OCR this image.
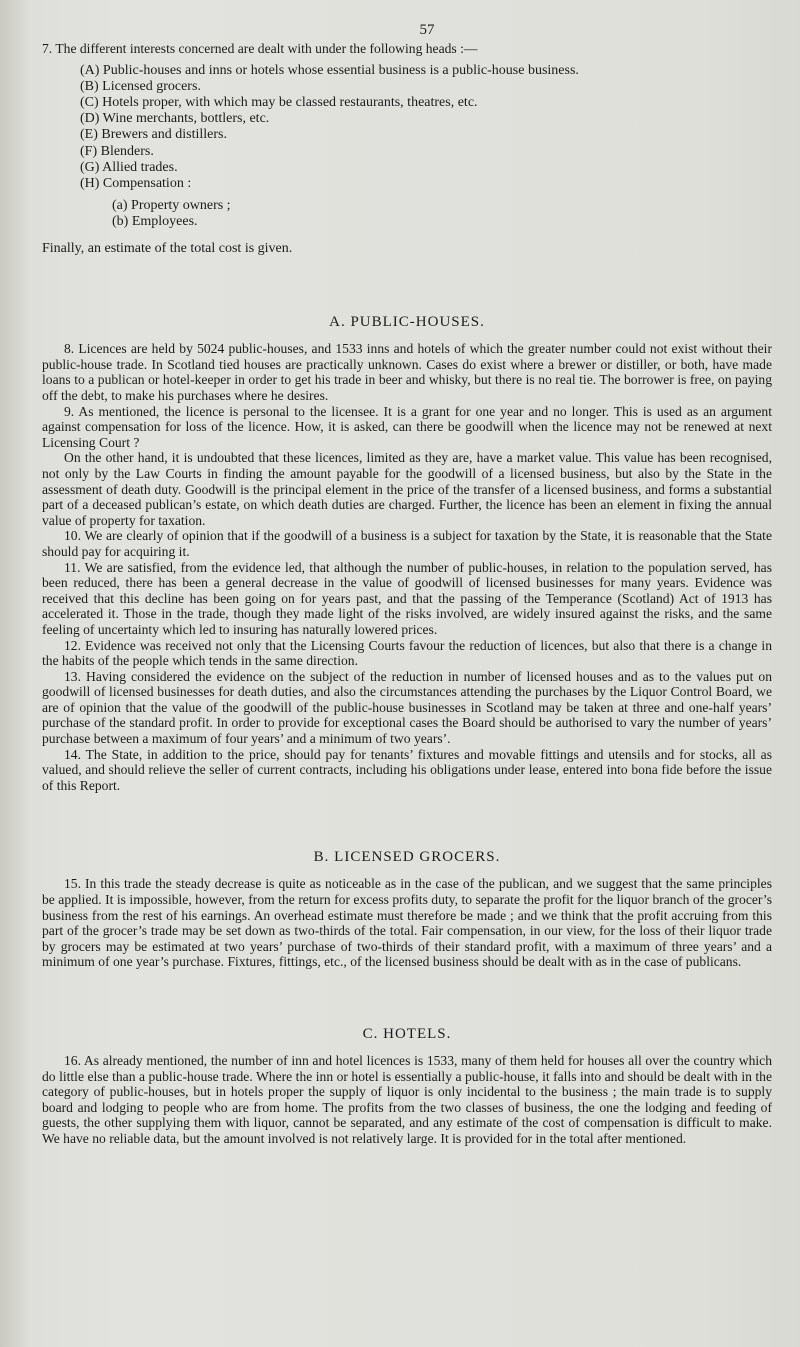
57

7. The different interests concerned are dealt with under the following heads :—

(A) Public-houses and inns or hotels whose essential business is a public-house business.
(B) Licensed grocers.
(C) Hotels proper, with which may be classed restaurants, theatres, etc.
(D) Wine merchants, bottlers, etc.
(E) Brewers and distillers.
(F) Blenders.
(G) Allied trades.
(H) Compensation :
(a) Property owners ;
(b) Employees.

Finally, an estimate of the total cost is given.

A. PUBLIC-HOUSES.

8. Licences are held by 5024 public-houses, and 1533 inns and hotels of which the greater number could not exist without their public-house trade. In Scotland tied houses are practically unknown. Cases do exist where a brewer or distiller, or both, have made loans to a publican or hotel-keeper in order to get his trade in beer and whisky, but there is no real tie. The borrower is free, on paying off the debt, to make his purchases where he desires.

9. As mentioned, the licence is personal to the licensee. It is a grant for one year and no longer. This is used as an argument against compensation for loss of the licence. How, it is asked, can there be goodwill when the licence may not be renewed at next Licensing Court ?

On the other hand, it is undoubted that these licences, limited as they are, have a market value. This value has been recognised, not only by the Law Courts in finding the amount payable for the goodwill of a licensed business, but also by the State in the assessment of death duty. Goodwill is the principal element in the price of the transfer of a licensed business, and forms a substantial part of a deceased publican’s estate, on which death duties are charged. Further, the licence has been an element in fixing the annual value of property for taxation.

10. We are clearly of opinion that if the goodwill of a business is a subject for taxation by the State, it is reasonable that the State should pay for acquiring it.

11. We are satisfied, from the evidence led, that although the number of public-houses, in relation to the population served, has been reduced, there has been a general decrease in the value of goodwill of licensed businesses for many years. Evidence was received that this decline has been going on for years past, and that the passing of the Temperance (Scotland) Act of 1913 has accelerated it. Those in the trade, though they made light of the risks involved, are widely insured against the risks, and the same feeling of uncertainty which led to insuring has naturally lowered prices.

12. Evidence was received not only that the Licensing Courts favour the reduction of licences, but also that there is a change in the habits of the people which tends in the same direction.

13. Having considered the evidence on the subject of the reduction in number of licensed houses and as to the values put on goodwill of licensed businesses for death duties, and also the circumstances attending the purchases by the Liquor Control Board, we are of opinion that the value of the goodwill of the public-house businesses in Scotland may be taken at three and one-half years’ purchase of the standard profit. In order to provide for exceptional cases the Board should be authorised to vary the number of years’ purchase between a maximum of four years’ and a minimum of two years’.

14. The State, in addition to the price, should pay for tenants’ fixtures and movable fittings and utensils and for stocks, all as valued, and should relieve the seller of current contracts, including his obligations under lease, entered into bona fide before the issue of this Report.

B. LICENSED GROCERS.

15. In this trade the steady decrease is quite as noticeable as in the case of the publican, and we suggest that the same principles be applied. It is impossible, however, from the return for excess profits duty, to separate the profit for the liquor branch of the grocer’s business from the rest of his earnings. An overhead estimate must therefore be made ; and we think that the profit accruing from this part of the grocer’s trade may be set down as two-thirds of the total. Fair compensation, in our view, for the loss of their liquor trade by grocers may be estimated at two years’ purchase of two-thirds of their standard profit, with a maximum of three years’ and a minimum of one year’s purchase. Fixtures, fittings, etc., of the licensed business should be dealt with as in the case of publicans.

C. HOTELS.

16. As already mentioned, the number of inn and hotel licences is 1533, many of them held for houses all over the country which do little else than a public-house trade. Where the inn or hotel is essentially a public-house, it falls into and should be dealt with in the category of public-houses, but in hotels proper the supply of liquor is only incidental to the business ; the main trade is to supply board and lodging to people who are from home. The profits from the two classes of business, the one the lodging and feeding of guests, the other supplying them with liquor, cannot be separated, and any estimate of the cost of compensation is difficult to make. We have no reliable data, but the amount involved is not relatively large. It is provided for in the total after mentioned.
